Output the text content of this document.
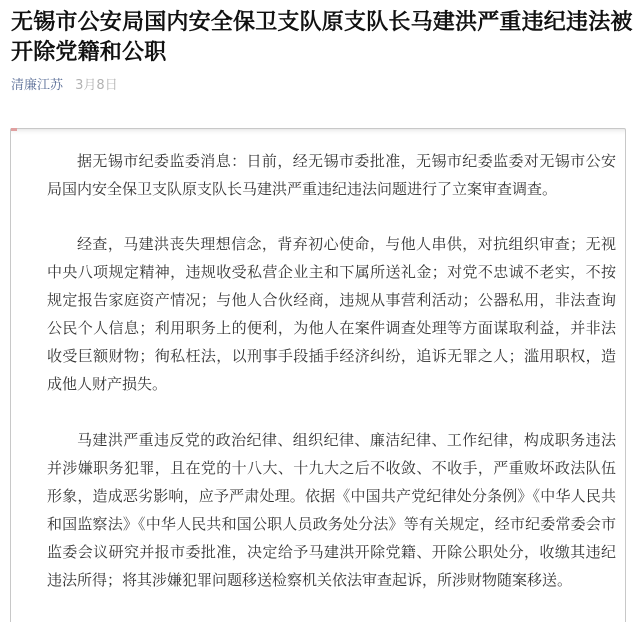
无锡市公安局国内安全保卫支队原支队长马建洪严重违纪违法被开除党籍和公职
清廉江苏 3月8日

据无锡市纪委监委消息：日前，经无锡市委批准，无锡市纪委监委对无锡市公安局国内安全保卫支队原支队长马建洪严重违纪违法问题进行了立案审查调查。

经查，马建洪丧失理想信念，背弃初心使命，与他人串供，对抗组织审查；无视中央八项规定精神，违规收受私营企业主和下属所送礼金；对党不忠诚不老实，不按规定报告家庭资产情况；与他人合伙经商，违规从事营利活动；公器私用，非法查询公民个人信息；利用职务上的便利，为他人在案件调查处理等方面谋取利益，并非法收受巨额财物；徇私枉法，以刑事手段插手经济纠纷，追诉无罪之人；滥用职权，造成他人财产损失。

马建洪严重违反党的政治纪律、组织纪律、廉洁纪律、工作纪律，构成职务违法并涉嫌职务犯罪，且在党的十八大、十九大之后不收敛、不收手，严重败坏政法队伍形象，造成恶劣影响，应予严肃处理。依据《中国共产党纪律处分条例》《中华人民共和国监察法》《中华人民共和国公职人员政务处分法》等有关规定，经市纪委常委会市监委会议研究并报市委批准，决定给予马建洪开除党籍、开除公职处分，收缴其违纪违法所得；将其涉嫌犯罪问题移送检察机关依法审查起诉，所涉财物随案移送。
